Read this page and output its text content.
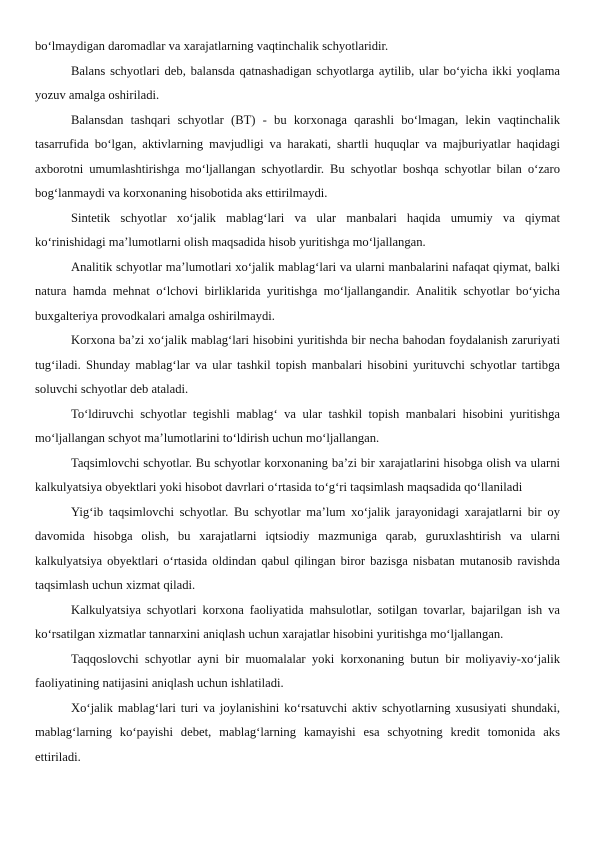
bo‘lmaydigan daromadlar va xarajatlarning vaqtinchalik schyotlaridir.

Balans schyotlari deb, balansda qatnashadigan schyotlarga aytilib, ular bo‘yicha ikki yoqlama yozuv amalga oshiriladi.

Balansdan tashqari schyotlar (BT) - bu korxonaga qarashli bo‘lmagan, lekin vaqtinchalik tasarrufida bo‘lgan, aktivlarning mavjudligi va harakati, shartli huquqlar va majburiyatlar haqidagi axborotni umumlashtirishga mo‘ljallangan schyotlardir. Bu schyotlar boshqa schyotlar bilan o‘zaro bog‘lanmaydi va korxonaning hisobotida aks ettirilmaydi.

Sintetik schyotlar xo‘jalik mablag‘lari va ular manbalari haqida umumiy va qiymat ko‘rinishidagi ma’lumotlarni olish maqsadida hisob yuritishga mo‘ljallangan.

Analitik schyotlar ma’lumotlari xo‘jalik mablag‘lari va ularni manbalarini nafaqat qiymat, balki natura hamda mehnat o‘lchovi birliklarida yuritishga mo‘ljallangandir. Analitik schyotlar bo‘yicha buxgalteriya provodkalari amalga oshirilmaydi.

Korxona ba’zi xo‘jalik mablag‘lari hisobini yuritishda bir necha bahodan foydalanish zaruriyati tug‘iladi. Shunday mablag‘lar va ular tashkil topish manbalari hisobini yurituvchi schyotlar tartibga soluvchi schyotlar deb ataladi.

To‘ldiruvchi schyotlar tegishli mablag‘ va ular tashkil topish manbalari hisobini yuritishga mo‘ljallangan schyot ma’lumotlarini to‘ldirish uchun mo‘ljallangan.

Taqsimlovchi schyotlar. Bu schyotlar korxonaning ba’zi bir xarajatlarini hisobga olish va ularni kalkulyatsiya obyektlari yoki hisobot davrlari o‘rtasida to‘g‘ri taqsimlash maqsadida qo‘llaniladi

Yig‘ib taqsimlovchi schyotlar. Bu schyotlar ma’lum xo‘jalik jarayonidagi xarajatlarni bir oy davomida hisobga olish, bu xarajatlarni iqtsiodiy mazmuniga qarab, guruxlashtirish va ularni kalkulyatsiya obyektlari o‘rtasida oldindan qabul qilingan biror bazisga nisbatan mutanosib ravishda taqsimlash uchun xizmat qiladi.

Kalkulyatsiya schyotlari korxona faoliyatida mahsulotlar, sotilgan tovarlar, bajarilgan ish va ko‘rsatilgan xizmatlar tannarxini aniqlash uchun xarajatlar hisobini yuritishga mo‘ljallangan.

Taqqoslovchi schyotlar ayni bir muomalalar yoki korxonaning butun bir moliyaviy-xo‘jalik faoliyatining natijasini aniqlash uchun ishlatiladi.

Xo‘jalik mablag‘lari turi va joylanishini ko‘rsatuvchi aktiv schyotlarning xususiyati shundaki, mablag‘larning ko‘payishi debet, mablag‘larning kamayishi esa schyotning kredit tomonida aks ettiriladi.
